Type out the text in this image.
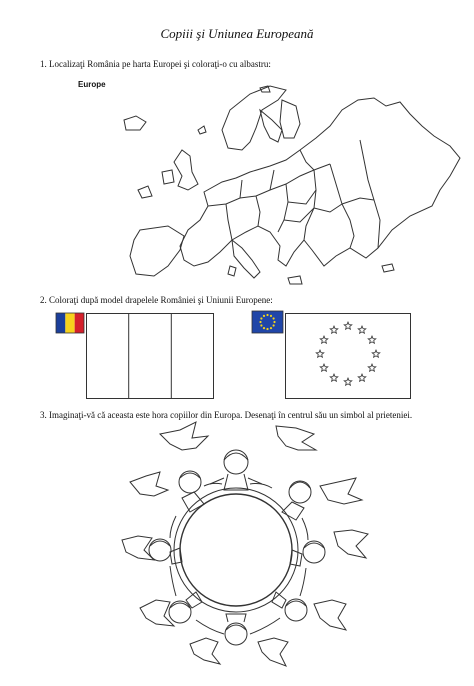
Copiii şi Uniunea Europeană
1. Localizaţi România pe harta Europei şi coloraţi-o cu albastru:
Europe
2. Coloraţi după model drapelele României şi Uniunii Europene:
3. Imaginaţi-vă că aceasta este hora copiilor din Europa. Desenaţi în centrul său un simbol al prieteniei.
